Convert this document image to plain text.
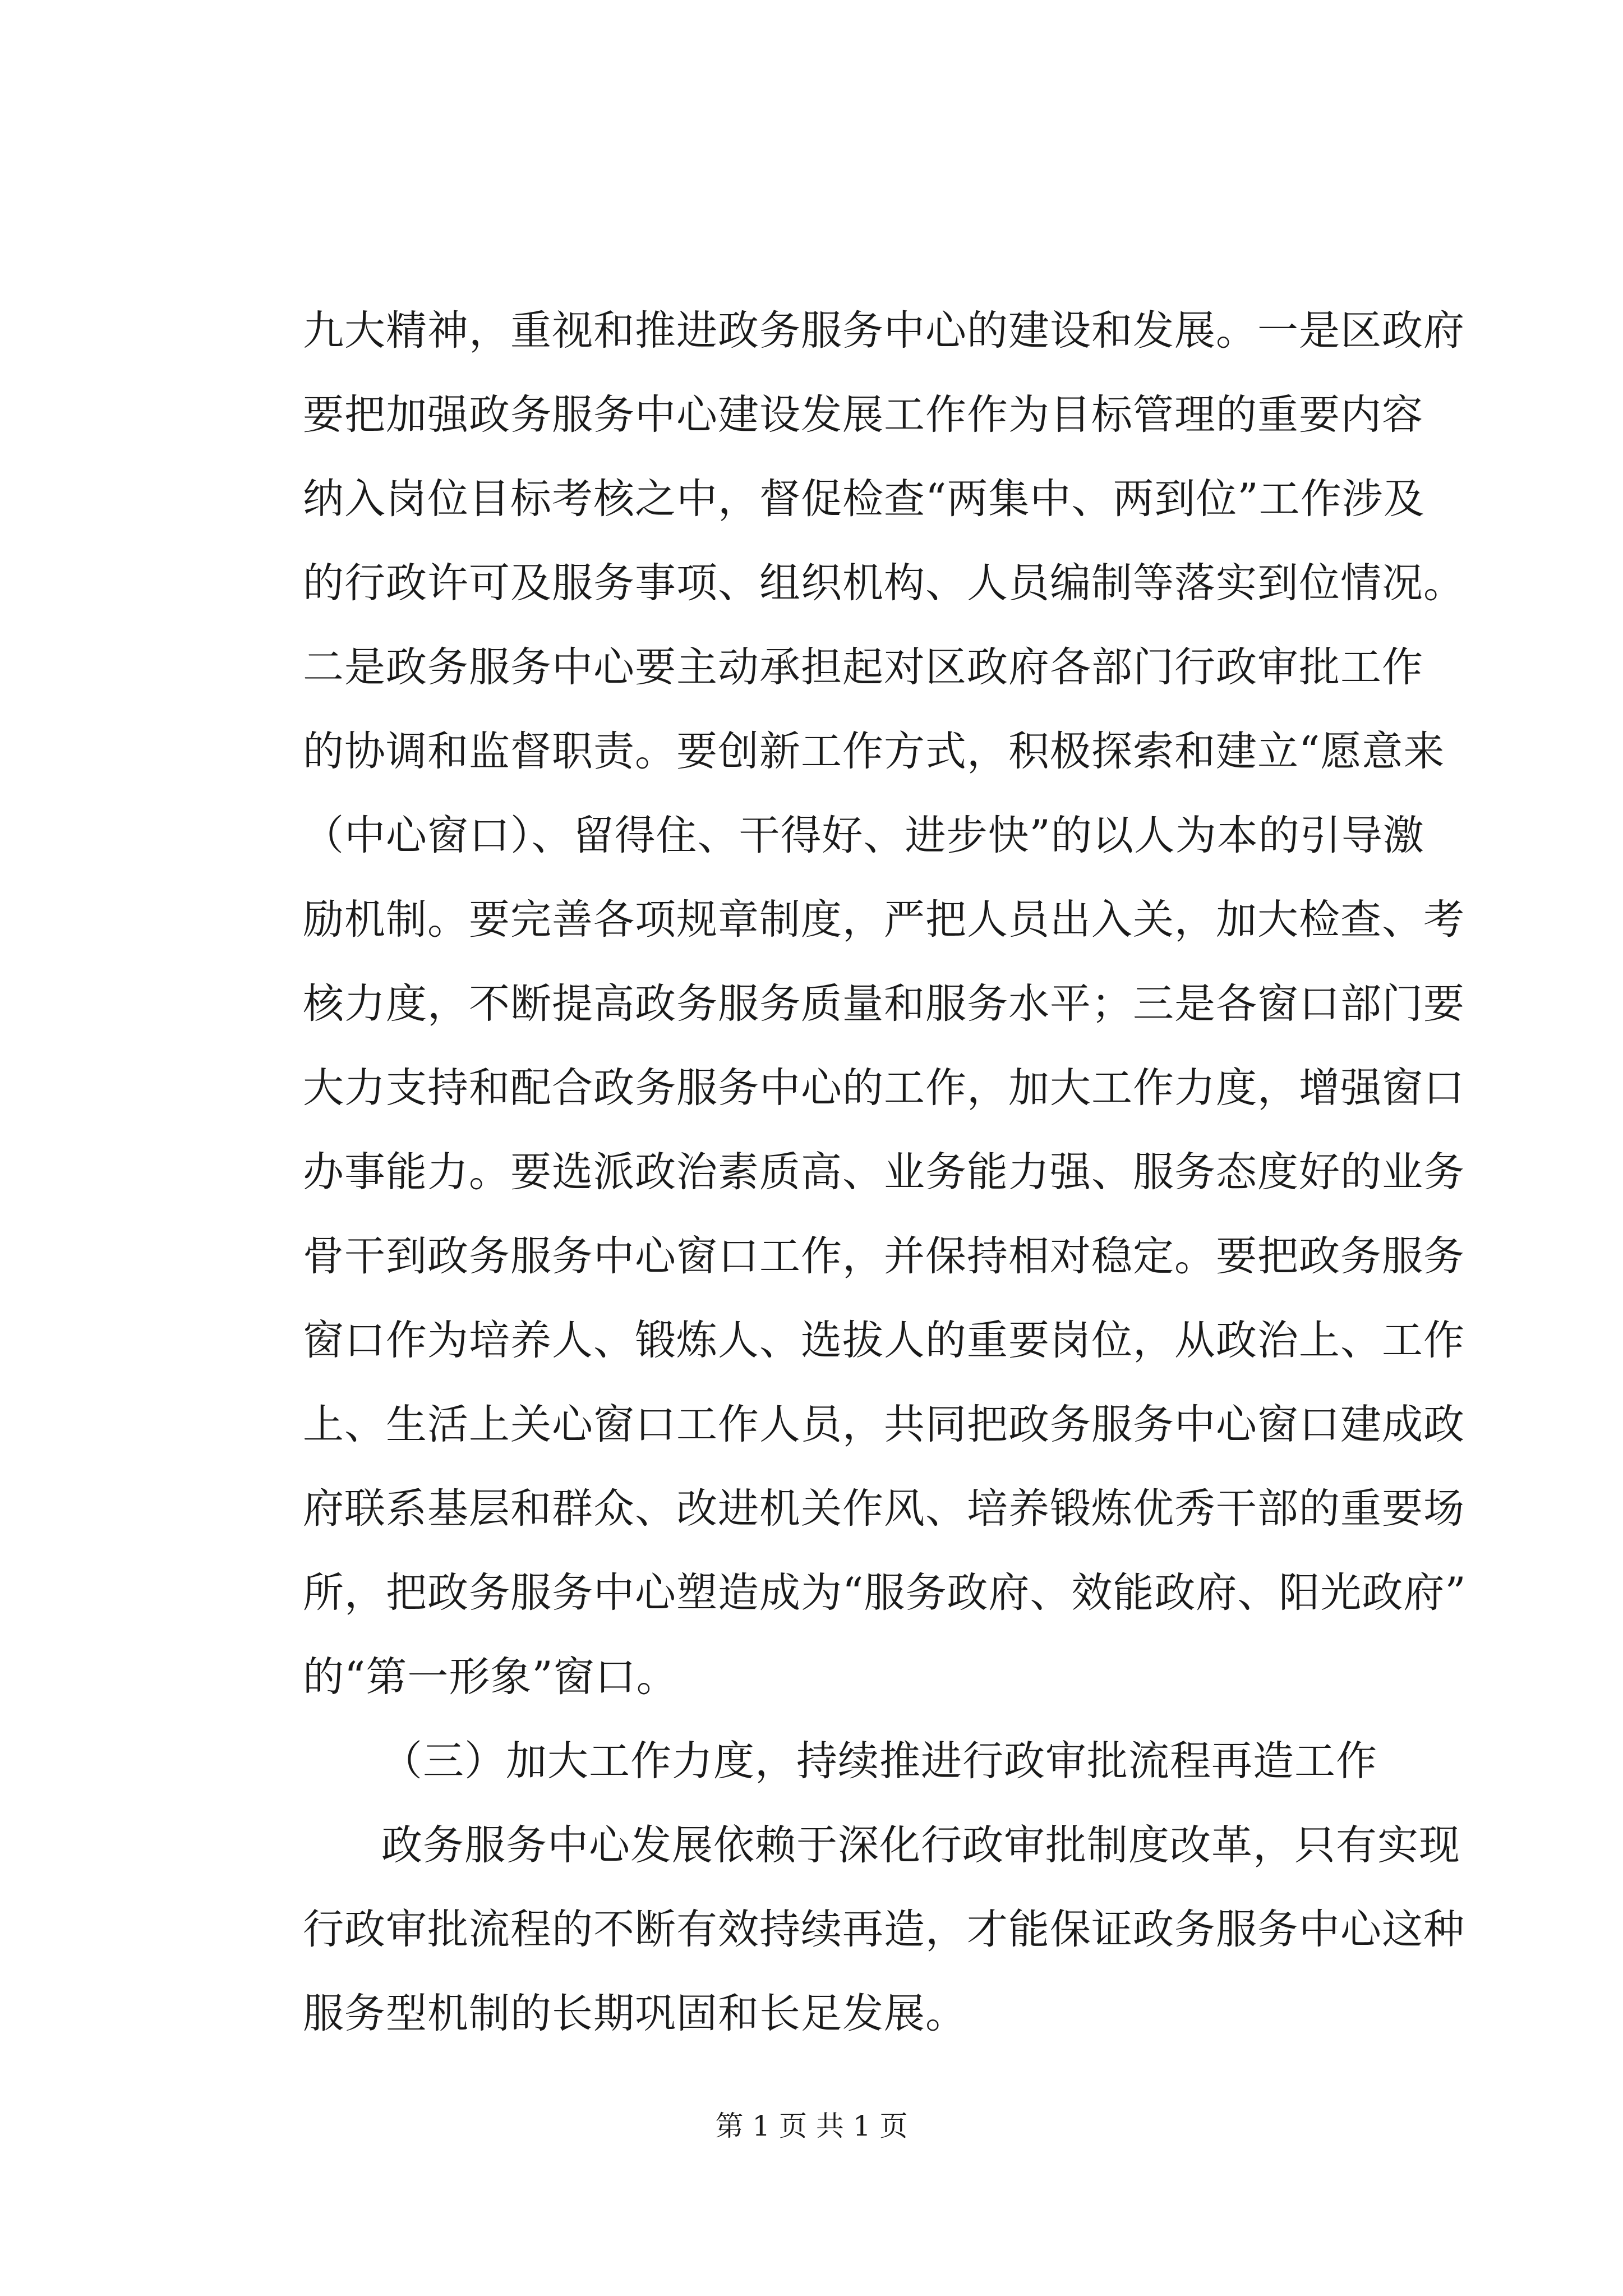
九大精神，重视和推进政务服务中心的建设和发展。一是区政府
要把加强政务服务中心建设发展工作作为目标管理的重要内容
纳入岗位目标考核之中，督促检查“两集中、两到位”工作涉及
的行政许可及服务事项、组织机构、人员编制等落实到位情况。
二是政务服务中心要主动承担起对区政府各部门行政审批工作
的协调和监督职责。要创新工作方式，积极探索和建立“愿意来
（中心窗口）、留得住、干得好、进步快”的以人为本的引导激
励机制。要完善各项规章制度，严把人员出入关，加大检查、考
核力度，不断提高政务服务质量和服务水平；三是各窗口部门要
大力支持和配合政务服务中心的工作，加大工作力度，增强窗口
办事能力。要选派政治素质高、业务能力强、服务态度好的业务
骨干到政务服务中心窗口工作，并保持相对稳定。要把政务服务
窗口作为培养人、锻炼人、选拔人的重要岗位，从政治上、工作
上、生活上关心窗口工作人员，共同把政务服务中心窗口建成政
府联系基层和群众、改进机关作风、培养锻炼优秀干部的重要场
所，把政务服务中心塑造成为“服务政府、效能政府、阳光政府”
的“第一形象”窗口。
（三）加大工作力度，持续推进行政审批流程再造工作
政务服务中心发展依赖于深化行政审批制度改革，只有实现
行政审批流程的不断有效持续再造，才能保证政务服务中心这种
服务型机制的长期巩固和长足发展。
第 1 页 共 1 页
